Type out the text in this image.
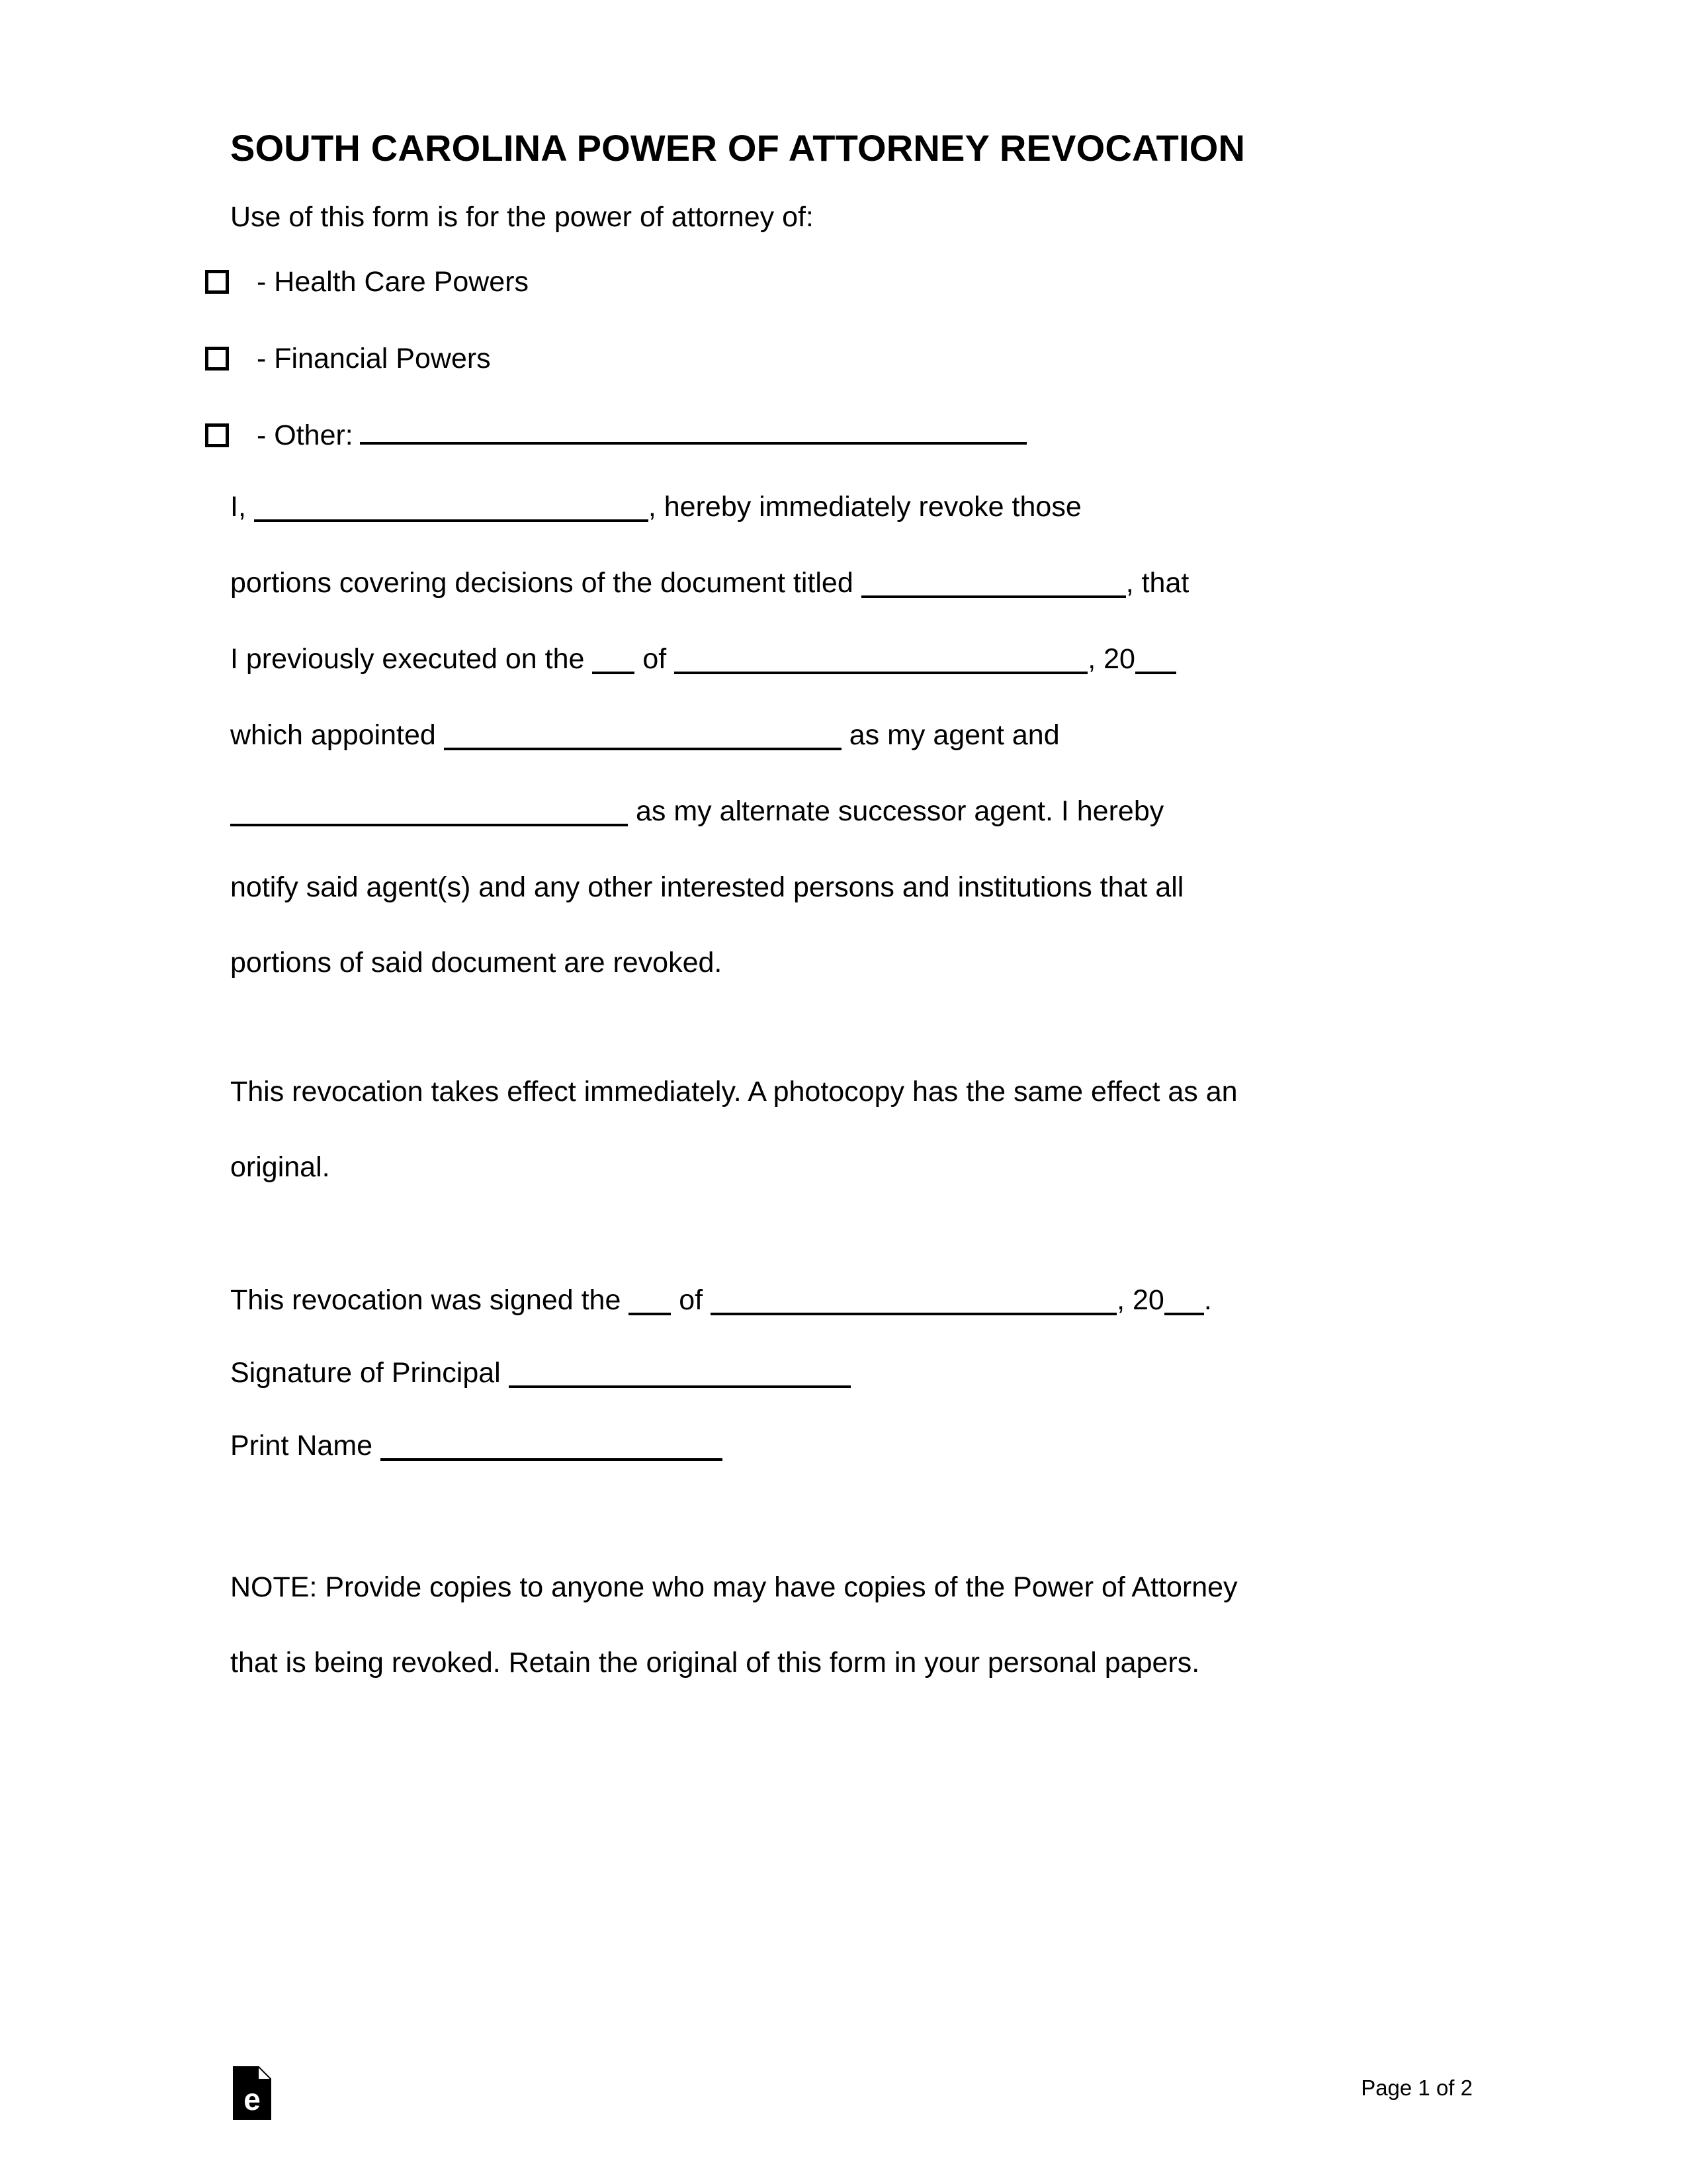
SOUTH CAROLINA POWER OF ATTORNEY REVOCATION
Use of this form is for the power of attorney of:
- Health Care Powers
- Financial Powers
- Other:
I,	, hereby immediately revoke those
portions covering decisions of the document titled	, that
I previously executed on the of	, 20
which appointed	as my agent and
as my alternate successor agent. I hereby
notify said agent(s) and any other interested persons and institutions that all
portions of said document are revoked.
This revocation takes effect immediately. A photocopy has the same effect as an
original.
This revocation was signed the of	, 20 .
Signature of Principal
Print Name
NOTE: Provide copies to anyone who may have copies of the Power of Attorney
that is being revoked. Retain the original of this form in your personal papers.
e	Page 1 of 2
